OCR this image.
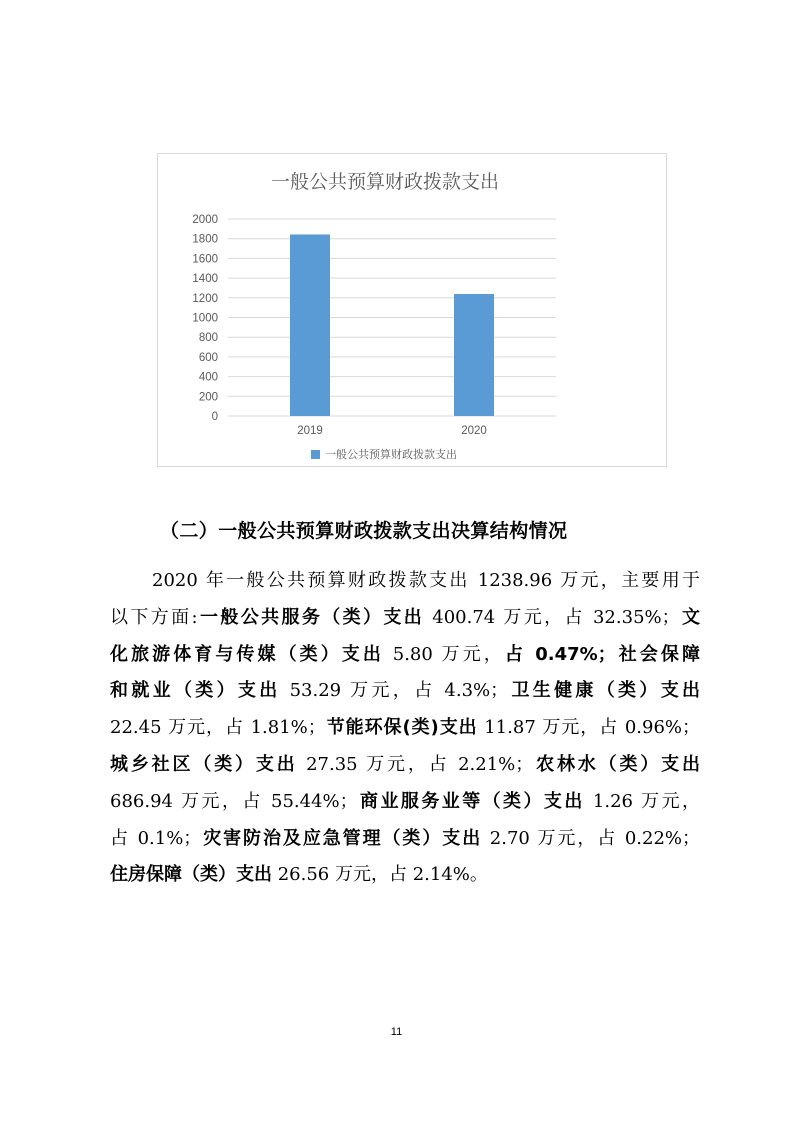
一般公共预算财政拨款支出
0
200
400
600
800
1000
1200
1400
1600
1800
2000
2019	2020
一般公共预算财政拨款支出
（二）一般公共预算财政拨款支出决算结构情况
2020 年一般公共预算财政拨款支出 1238.96 万元，主要用于
以下方面:一般公共服务（类）支出 400.74 万元，占 32.35%；文
化旅游体育与传媒（类）支出 5.80 万元，占 0.47%；社会保障
和就业（类）支出 53.29 万元，占 4.3%；卫生健康（类）支出
22.45 万元，占 1.81%；节能环保(类)支出 11.87 万元，占 0.96%；
城乡社区（类）支出 27.35 万元，占 2.21%；农林水（类）支出
686.94 万元，占 55.44%；商业服务业等（类）支出 1.26 万元，
占 0.1%；灾害防治及应急管理（类）支出 2.70 万元，占 0.22%；
住房保障（类）支出 26.56 万元，占 2.14%。
11
